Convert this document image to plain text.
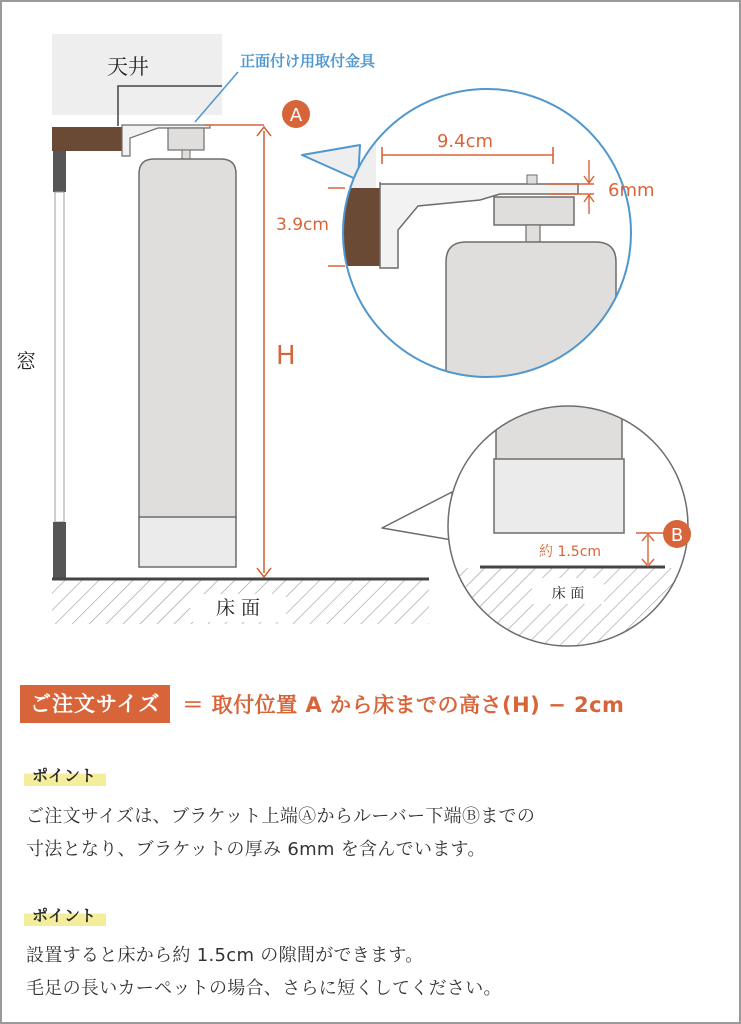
天井	正面付け用取付金具
窓
A
H
床 面
9.4cm
6mm
3.9cm
床 面
約 1.5cm
B
ご注文サイズ	＝ 取付位置 A から床までの高さ(H) − 2cm
ポイント
ご注文サイズは、ブラケット上端Ⓐからルーバー下端Ⓑまでの
寸法となり、ブラケットの厚み 6mm を含んでいます。
ポイント
設置すると床から約 1.5cm の隙間ができます。
毛足の長いカーペットの場合、さらに短くしてください。
